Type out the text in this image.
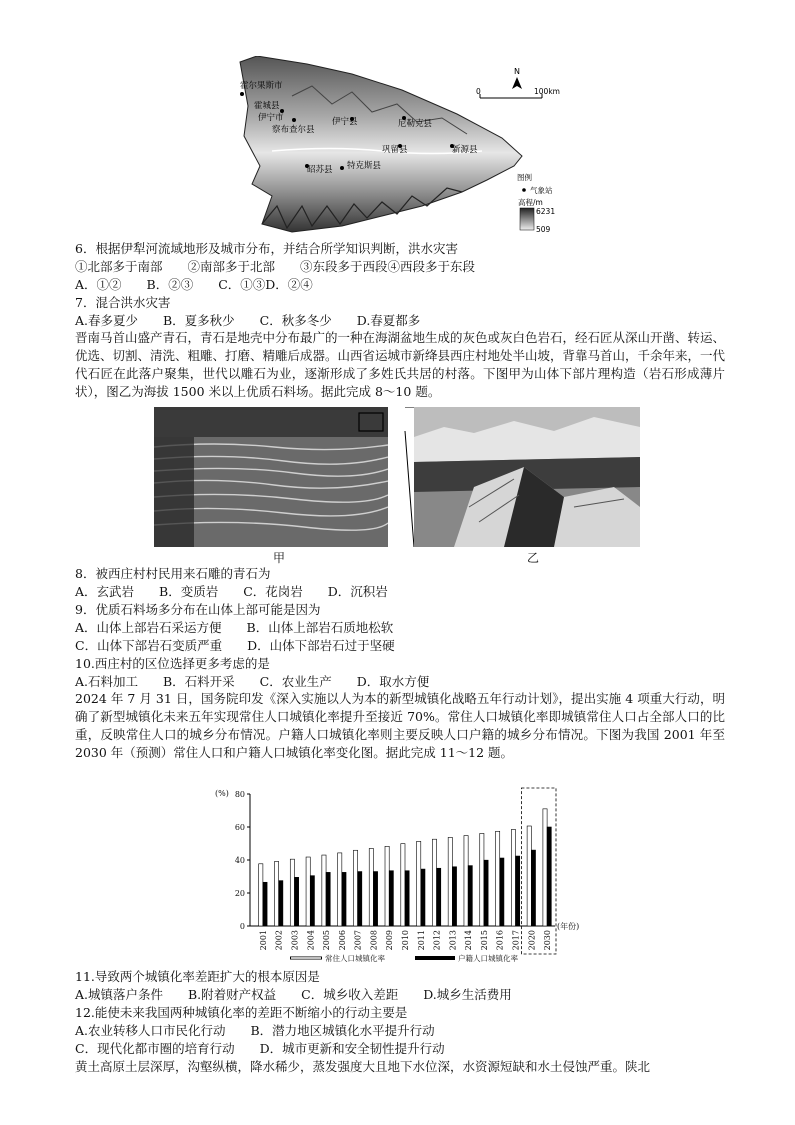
霍尔果斯市
霍城县
伊宁市
察布查尔县
伊宁县	尼勒克县
巩留县	新源县
昭苏县 特克斯县
N
0	100km
图例
气象站
高程/m
6231
509
6．根据伊犁河流域地形及城市分布，并结合所学知识判断，洪水灾害
①北部多于南部　　②南部多于北部　　③东段多于西段④西段多于东段
A．①②　　B．②③　　C．①③D．②④
7．混合洪水灾害
A.春多夏少　　B．夏多秋少　　C．秋多冬少　　D.春夏都多
晋南马首山盛产青石，青石是地壳中分布最广的一种在海湖盆地生成的灰色或灰白色岩石，经石匠从深山开凿、转运、优选、切割、清洗、粗雕、打磨、精雕后成器。山西省运城市新绛县西庄村地处半山坡，背靠马首山，千余年来，一代代石匠在此落户聚集，世代以雕石为业，逐渐形成了多姓氏共居的村落。下图甲为山体下部片理构造（岩石形成薄片状），图乙为海拔 1500 米以上优质石料场。据此完成 8～10 题。
甲	乙
8．被西庄村村民用来石雕的青石为
A．玄武岩　　B．变质岩　　C．花岗岩　　D．沉积岩
9．优质石料场多分布在山体上部可能是因为
A．山体上部岩石采运方便　　B．山体上部岩石质地松软
C．山体下部岩石变质严重　　D．山体下部岩石过于坚硬
10.西庄村的区位选择更多考虑的是
A.石料加工　　B．石料开采　　C．农业生产　　D．取水方便
2024 年 7 月 31 日，国务院印发《深入实施以人为本的新型城镇化战略五年行动计划》，提出实施 4 项重大行动，明确了新型城镇化未来五年实现常住人口城镇化率提升至接近 70%。常住人口城镇化率即城镇常住人口占全部人口的比重，反映常住人口的城乡分布情况。户籍人口城镇化率则主要反映人口户籍的城乡分布情况。下图为我国 2001 年至 2030 年（预测）常住人口和户籍人口城镇化率变化图。据此完成 11～12 题。
(%)
0
20
40
60
80
2001 2002 2003 2004 2005 2006 2007 2008 2009 2010 2011 2012 2013 2014 2015 2016 2017 2020 2030
(年份)
常住人口城镇化率	户籍人口城镇化率
11.导致两个城镇化率差距扩大的根本原因是
A.城镇落户条件　　B.附着财产权益　　C．城乡收入差距　　D.城乡生活费用
12.能使未来我国两种城镇化率的差距不断缩小的行动主要是
A.农业转移人口市民化行动　　B．潜力地区城镇化水平提升行动
C．现代化都市圈的培育行动　　D．城市更新和安全韧性提升行动
黄土高原土层深厚，沟壑纵横，降水稀少，蒸发强度大且地下水位深，水资源短缺和水土侵蚀严重。陕北
